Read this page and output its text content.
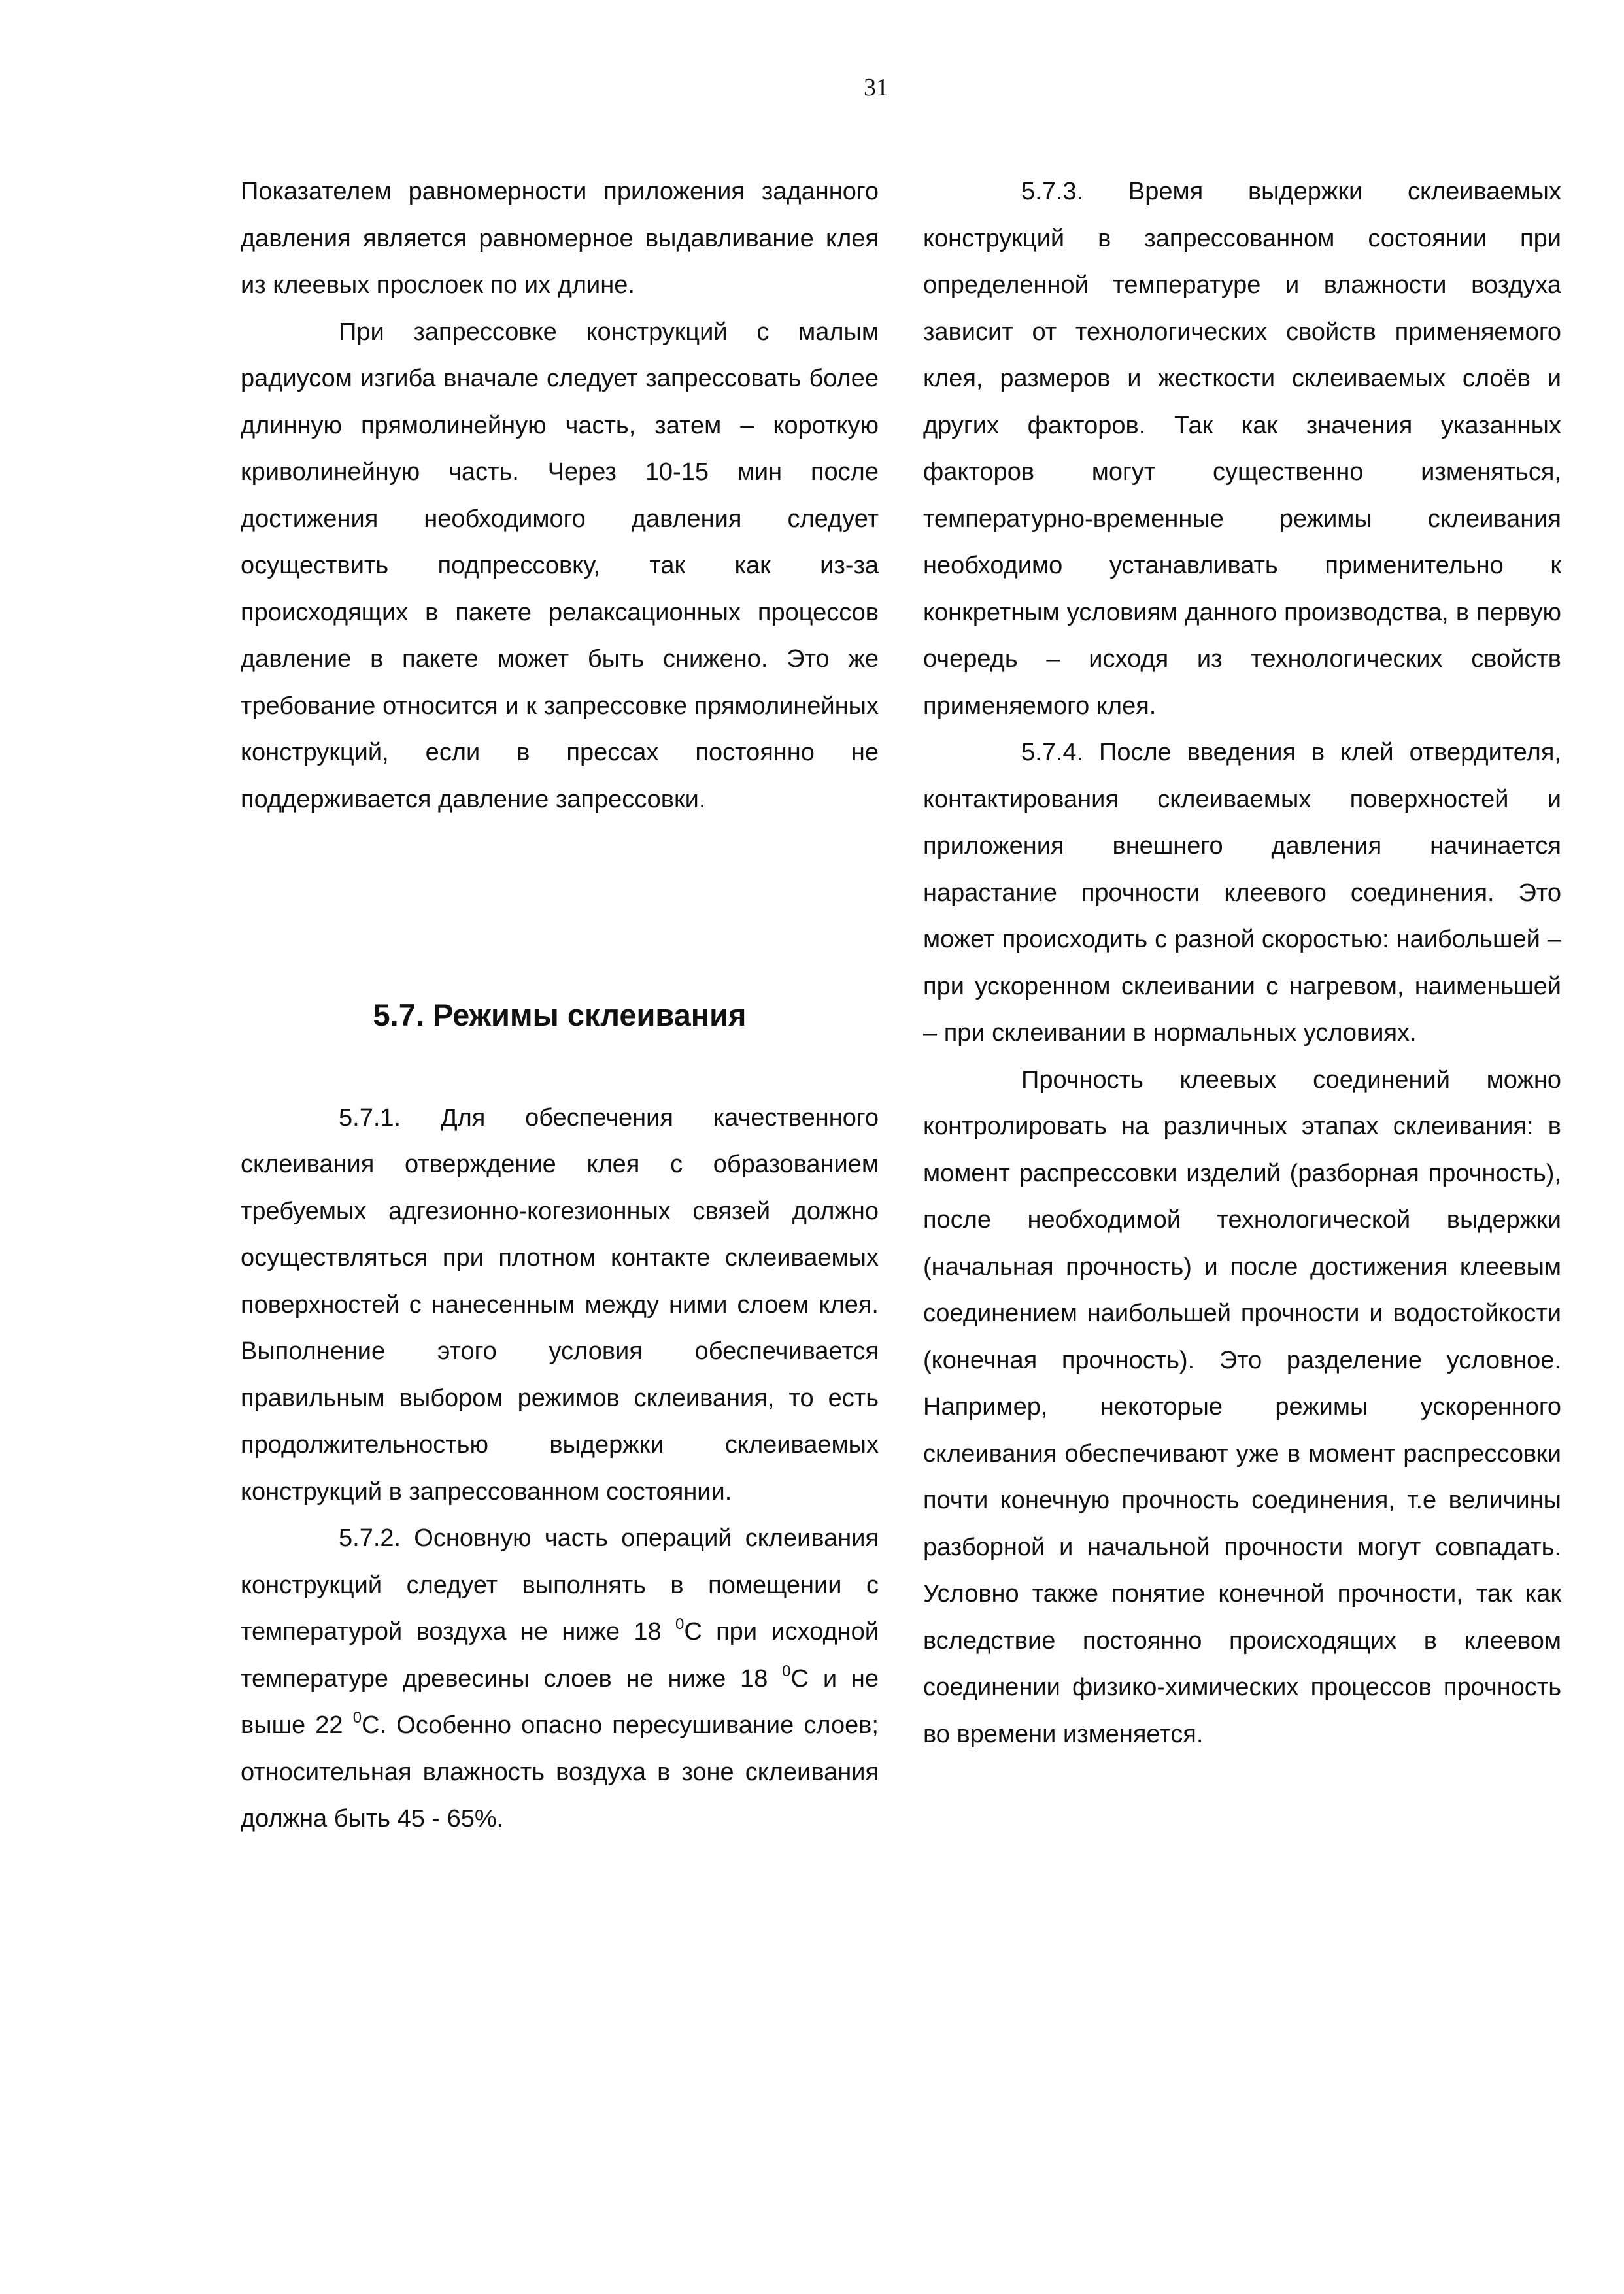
31

Показателем равномерности приложения заданного давления является равномерное выдавливание клея из клеевых прослоек по их длине.

При запрессовке конструкций с малым радиусом изгиба вначале следует запрессовать более длинную прямолинейную часть, затем – короткую криволинейную часть. Через 10-15 мин после достижения необходимого давления следует осуществить подпрессовку, так как из-за происходящих в пакете релаксационных процессов давление в пакете может быть снижено. Это же требование относится и к запрессовке прямолинейных конструкций, если в прессах постоянно не поддерживается давление запрессовки.

5.7. Режимы склеивания

5.7.1. Для обеспечения качественного склеивания отверждение клея с образованием требуемых адгезионно-когезионных связей должно осуществляться при плотном контакте склеиваемых поверхностей с нанесенным между ними слоем клея. Выполнение этого условия обеспечивается правильным выбором режимов склеивания, то есть продолжительностью выдержки склеиваемых конструкций в запрессованном состоянии.

5.7.2. Основную часть операций склеивания конструкций следует выполнять в помещении с температурой воздуха не ниже 18 $^0$С при исходной температуре древесины слоев не ниже 18 $^0$С и не выше 22 $^0$С. Особенно опасно пересушивание слоев; относительная влажность воздуха в зоне склеивания должна быть 45 - 65%.

5.7.3. Время выдержки склеиваемых конструкций в запрессованном состоянии при определенной температуре и влажности воздуха зависит от технологических свойств применяемого клея, размеров и жесткости склеиваемых слоёв и других факторов. Так как значения указанных факторов могут существенно изменяться, температурно-временные режимы склеивания необходимо устанавливать применительно к конкретным условиям данного производства, в первую очередь – исходя из технологических свойств применяемого клея.

5.7.4. После введения в клей отвердителя, контактирования склеиваемых поверхностей и приложения внешнего давления начинается нарастание прочности клеевого соединения. Это может происходить с разной скоростью: наибольшей – при ускоренном склеивании с нагревом, наименьшей – при склеивании в нормальных условиях.

Прочность клеевых соединений можно контролировать на различных этапах склеивания: в момент распрессовки изделий (разборная прочность), после необходимой технологической выдержки (начальная прочность) и после достижения клеевым соединением наибольшей прочности и водостойкости (конечная прочность). Это разделение условное. Например, некоторые режимы ускоренного склеивания обеспечивают уже в момент распрессовки почти конечную прочность соединения, т.е величины разборной и начальной прочности могут совпадать. Условно также понятие конечной прочности, так как вследствие постоянно происходящих в клеевом соединении физико-химических процессов прочность во времени изменяется.
